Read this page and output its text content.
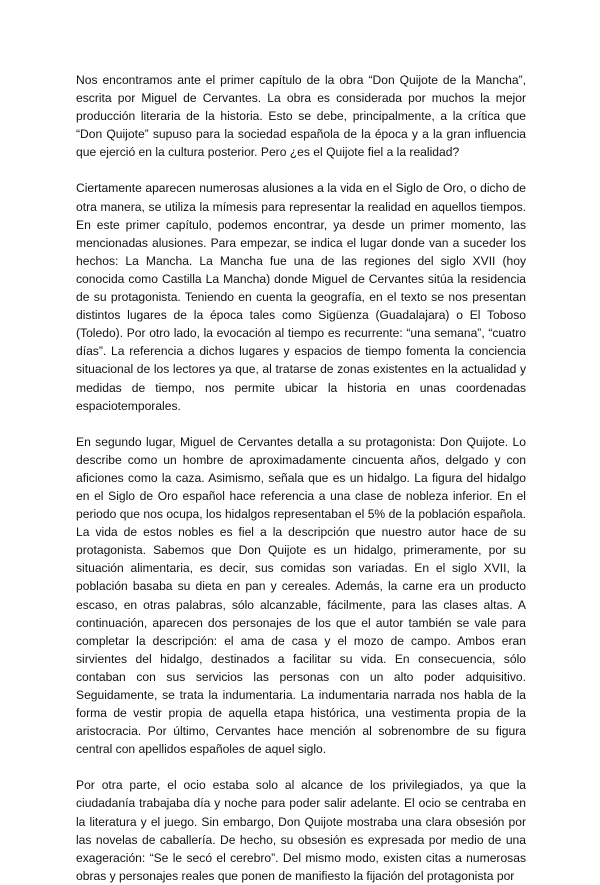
Nos encontramos ante el primer capítulo de la obra “Don Quijote de la Mancha”, escrita por Miguel de Cervantes. La obra es considerada por muchos la mejor producción literaria de la historia. Esto se debe, principalmente, a la crítica que “Don Quijote” supuso para la sociedad española de la época y a la gran influencia que ejerció en la cultura posterior. Pero ¿es el Quijote fiel a la realidad?

Ciertamente aparecen numerosas alusiones a la vida en el Siglo de Oro, o dicho de otra manera, se utiliza la mímesis para representar la realidad en aquellos tiempos. En este primer capítulo, podemos encontrar, ya desde un primer momento, las mencionadas alusiones. Para empezar, se indica el lugar donde van a suceder los hechos: La Mancha. La Mancha fue una de las regiones del siglo XVII (hoy conocida como Castilla La Mancha) donde Miguel de Cervantes sitúa la residencia de su protagonista. Teniendo en cuenta la geografía, en el texto se nos presentan distintos lugares de la época tales como Sigüenza (Guadalajara) o El Toboso (Toledo). Por otro lado, la evocación al tiempo es recurrente: “una semana”, “cuatro días”. La referencia a dichos lugares y espacios de tiempo fomenta la conciencia situacional de los lectores ya que, al tratarse de zonas existentes en la actualidad y medidas de tiempo, nos permite ubicar la historia en unas coordenadas espaciotemporales.

En segundo lugar, Miguel de Cervantes detalla a su protagonista: Don Quijote. Lo describe como un hombre de aproximadamente cincuenta años, delgado y con aficiones como la caza. Asimismo, señala que es un hidalgo. La figura del hidalgo en el Siglo de Oro español hace referencia a una clase de nobleza inferior. En el periodo que nos ocupa, los hidalgos representaban el 5% de la población española. La vida de estos nobles es fiel a la descripción que nuestro autor hace de su protagonista. Sabemos que Don Quijote es un hidalgo, primeramente, por su situación alimentaria, es decir, sus comidas son variadas. En el siglo XVII, la población basaba su dieta en pan y cereales. Además, la carne era un producto escaso, en otras palabras, sólo alcanzable, fácilmente, para las clases altas. A continuación, aparecen dos personajes de los que el autor también se vale para completar la descripción: el ama de casa y el mozo de campo. Ambos eran sirvientes del hidalgo, destinados a facilitar su vida. En consecuencia, sólo contaban con sus servicios las personas con un alto poder adquisitivo. Seguidamente, se trata la indumentaria. La indumentaria narrada nos habla de la forma de vestir propia de aquella etapa histórica, una vestimenta propia de la aristocracia. Por último, Cervantes hace mención al sobrenombre de su figura central con apellidos españoles de aquel siglo.

Por otra parte, el ocio estaba solo al alcance de los privilegiados, ya que la ciudadanía trabajaba día y noche para poder salir adelante. El ocio se centraba en la literatura y el juego. Sin embargo, Don Quijote mostraba una clara obsesión por las novelas de caballería. De hecho, su obsesión es expresada por medio de una exageración: “Se le secó el cerebro”. Del mismo modo, existen citas a numerosas obras y personajes reales que ponen de manifiesto la fijación del protagonista por
